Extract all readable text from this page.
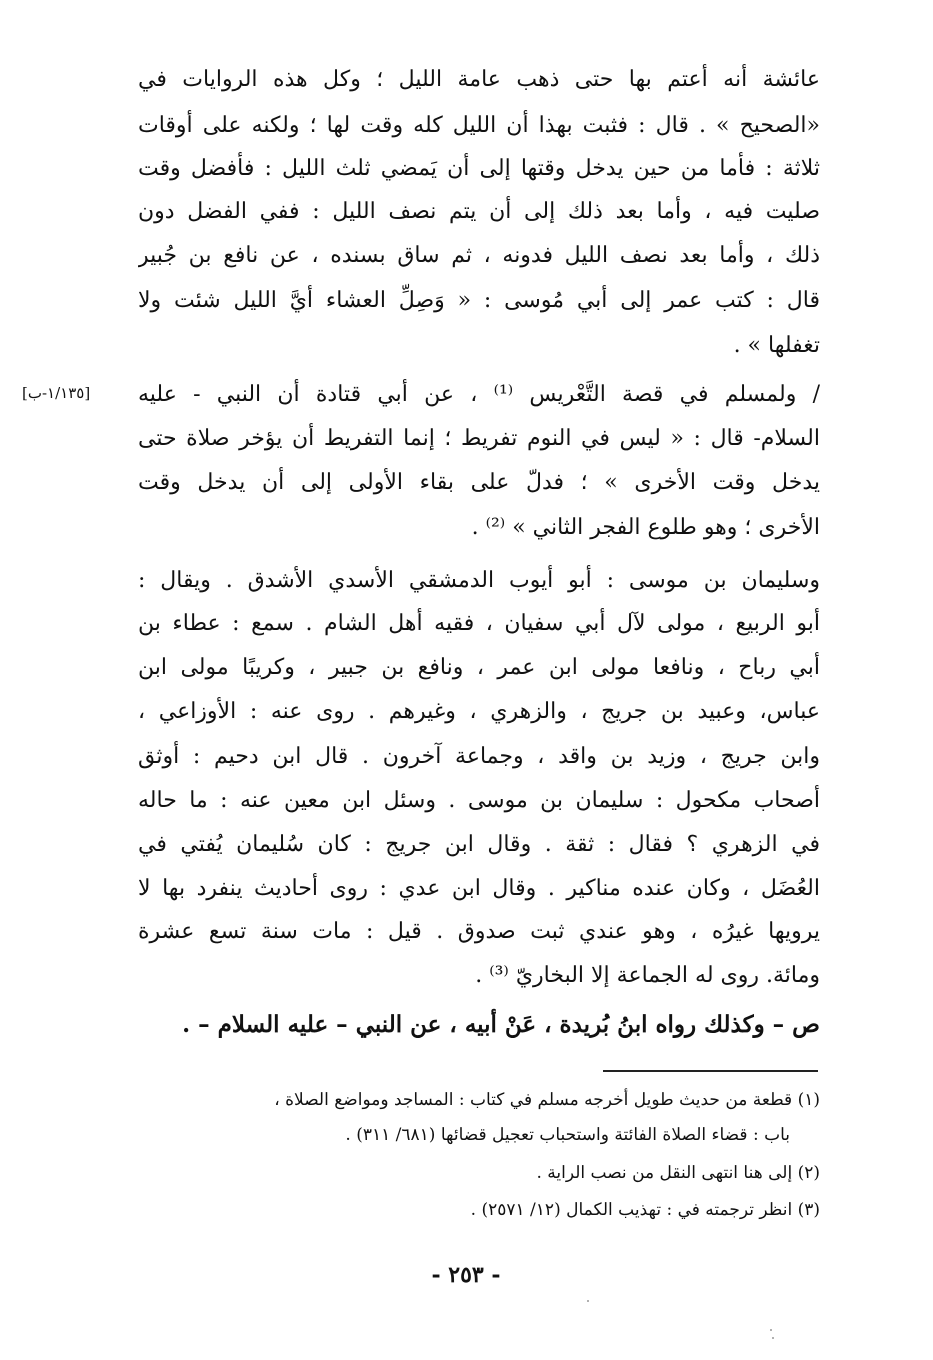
[١/١٣٥-ب]
عائشة أنه أعتم بها حتى ذهب عامة الليل ؛ وكل هذه الروايات في
«الصحيح » . قال : فثبت بهذا أن الليل كله وقت لها ؛ ولكنه على أوقات
ثلاثة : فأما من حين يدخل وقتها إلى أن يَمضي ثلث الليل : فأفضل وقت
صليت فيه ، وأما بعد ذلك إلى أن يتم نصف الليل : ففي الفضل دون
ذلك ، وأما بعد نصف الليل فدونه ، ثم ساق بسنده ، عن نافع بن جُبير
قال : كتب عمر إلى أبي مُوسى : « وَصِلِّ العشاء أيَّ الليل شئت ولا
تغفلها » .
/ ولمسلم في قصة التَّعْريس ⁽¹⁾ ، عن أبي قتادة أن النبي - عليه
السلام- قال : « ليس في النوم تفريط ؛ إنما التفريط أن يؤخر صلاة حتى
يدخل وقت الأخرى » ؛ فدلّ على بقاء الأولى إلى أن يدخل وقت
الأخرى ؛ وهو طلوع الفجر الثاني » ⁽²⁾ .
وسليمان بن موسى : أبو أيوب الدمشقي الأسدي الأشدق . ويقال :
أبو الربيع ، مولى لآل أبي سفيان ، فقيه أهل الشام . سمع : عطاء بن
أبي رباح ، ونافعا مولى ابن عمر ، ونافع بن جبير ، وكريبًا مولى ابن
عباس، وعبيد بن جريج ، والزهري ، وغيرهم . روى عنه : الأوزاعي ،
وابن جريج ، وزيد بن واقد ، وجماعة آخرون . قال ابن دحيم : أوثق
أصحاب مكحول : سليمان بن موسى . وسئل ابن معين عنه : ما حاله
في الزهري ؟ فقال : ثقة . وقال ابن جريج : كان سُليمان يُفتي في
العُضَل ، وكان عنده مناكير . وقال ابن عدي : روى أحاديث ينفرد بها لا
يرويها غيرُه ، وهو عندي ثبت صدوق . قيل : مات سنة تسع عشرة
ومائة. روى له الجماعة إلا البخاريّ ⁽³⁾ .
ص – وكذلك رواه ابنُ بُريدة ، عَنْ أبيه ، عن النبي – عليه السلام – .
(١) قطعة من حديث طويل أخرجه مسلم في كتاب : المساجد ومواضع الصلاة ،
باب : قضاء الصلاة الفائتة واستحباب تعجيل قضائها (٦٨١/ ٣١١) .
(٢) إلى هنا انتهى النقل من نصب الراية .
(٣) انظر ترجمته في : تهذيب الكمال (١٢/ ٢٥٧١) .
- ٢٥٣ -
